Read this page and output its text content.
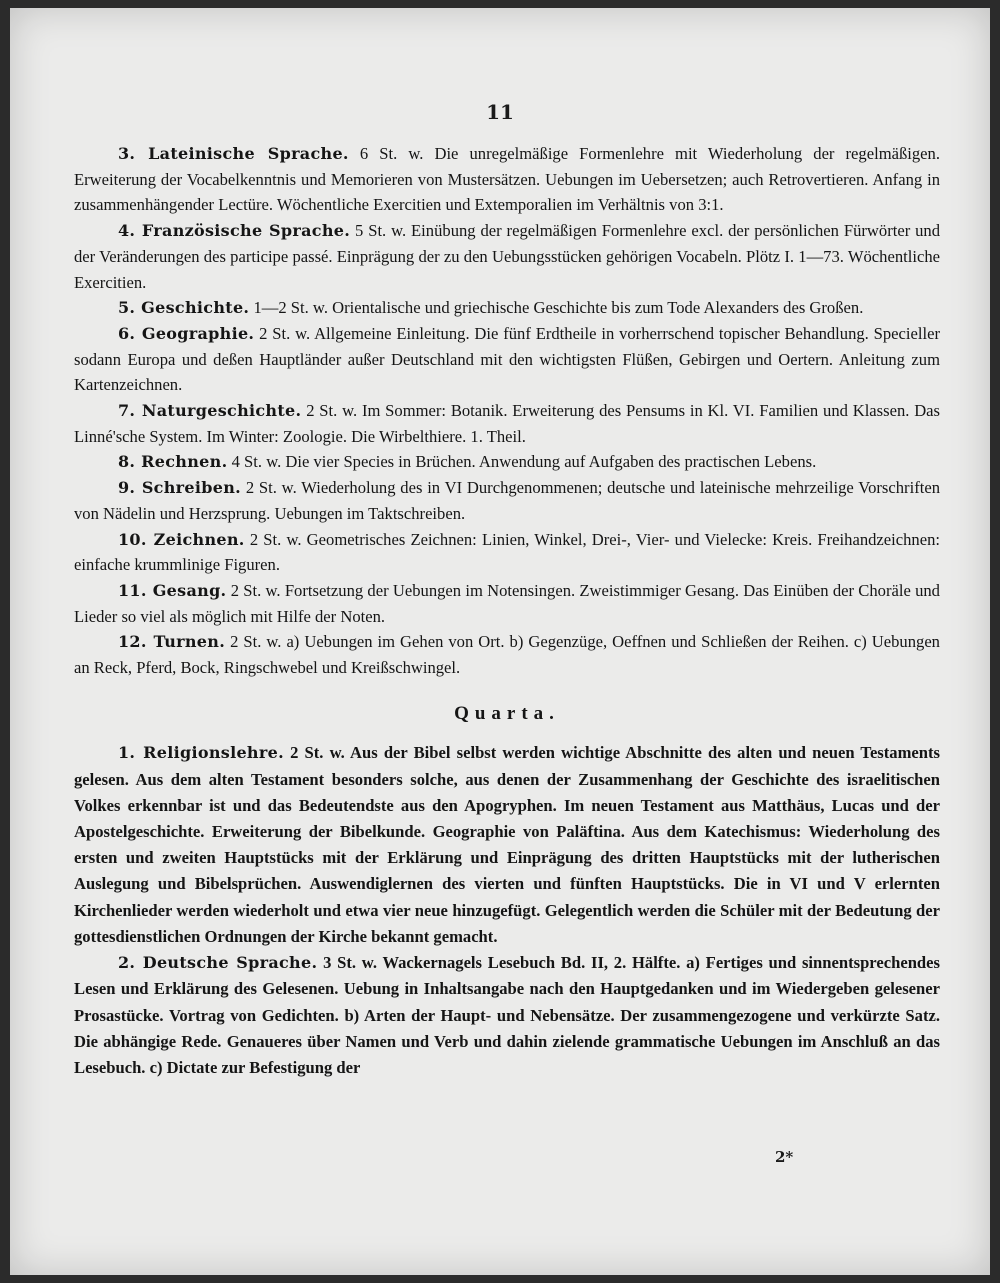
11

3. Lateinische Sprache. 6 St. w. Die unregelmäßige Formenlehre mit Wiederholung der regelmäßigen. Erweiterung der Vocabelkenntnis und Memorieren von Mustersätzen. Uebungen im Uebersetzen; auch Retrovertieren. Anfang in zusammenhängender Lectüre. Wöchentliche Exercitien und Extemporalien im Verhältnis von 3:1.

4. Französische Sprache. 5 St. w. Einübung der regelmäßigen Formenlehre excl. der persönlichen Fürwörter und der Veränderungen des participe passé. Einprägung der zu den Uebungsstücken gehörigen Vocabeln. Plötz I. 1—73. Wöchentliche Exercitien.

5. Geschichte. 1—2 St. w. Orientalische und griechische Geschichte bis zum Tode Alexanders des Großen.

6. Geographie. 2 St. w. Allgemeine Einleitung. Die fünf Erdtheile in vorherrschend topischer Behandlung. Specieller sodann Europa und deßen Hauptländer außer Deutschland mit den wichtigsten Flüßen, Gebirgen und Oertern. Anleitung zum Kartenzeichnen.

7. Naturgeschichte. 2 St. w. Im Sommer: Botanik. Erweiterung des Pensums in Kl. VI. Familien und Klassen. Das Linné'sche System. Im Winter: Zoologie. Die Wirbelthiere. 1. Theil.

8. Rechnen. 4 St. w. Die vier Species in Brüchen. Anwendung auf Aufgaben des practischen Lebens.

9. Schreiben. 2 St. w. Wiederholung des in VI Durchgenommenen; deutsche und lateinische mehrzeilige Vorschriften von Nädelin und Herzsprung. Uebungen im Taktschreiben.

10. Zeichnen. 2 St. w. Geometrisches Zeichnen: Linien, Winkel, Drei-, Vier- und Vielecke: Kreis. Freihandzeichnen: einfache krummlinige Figuren.

11. Gesang. 2 St. w. Fortsetzung der Uebungen im Notensingen. Zweistimmiger Gesang. Das Einüben der Choräle und Lieder so viel als möglich mit Hilfe der Noten.

12. Turnen. 2 St. w. a) Uebungen im Gehen von Ort. b) Gegenzüge, Oeffnen und Schließen der Reihen. c) Uebungen an Reck, Pferd, Bock, Ringschwebel und Kreißschwingel.

Quarta.

1. Religionslehre. 2 St. w. Aus der Bibel selbst werden wichtige Abschnitte des alten und neuen Testaments gelesen. Aus dem alten Testament besonders solche, aus denen der Zusammenhang der Geschichte des israelitischen Volkes erkennbar ist und das Bedeutendste aus den Apogryphen. Im neuen Testament aus Matthäus, Lucas und der Apostelgeschichte. Erweiterung der Bibelkunde. Geographie von Paläftina. Aus dem Katechismus: Wiederholung des ersten und zweiten Hauptstücks mit der Erklärung und Einprägung des dritten Hauptstücks mit der lutherischen Auslegung und Bibelsprüchen. Auswendiglernen des vierten und fünften Hauptstücks. Die in VI und V erlernten Kirchenlieder werden wiederholt und etwa vier neue hinzugefügt. Gelegentlich werden die Schüler mit der Bedeutung der gottesdienstlichen Ordnungen der Kirche bekannt gemacht.

2. Deutsche Sprache. 3 St. w. Wackernagels Lesebuch Bd. II, 2. Hälfte. a) Fertiges und sinnentsprechendes Lesen und Erklärung des Gelesenen. Uebung in Inhaltsangabe nach den Hauptgedanken und im Wiedergeben gelesener Prosastücke. Vortrag von Gedichten. b) Arten der Haupt- und Nebensätze. Der zusammengezogene und verkürzte Satz. Die abhängige Rede. Genaueres über Namen und Verb und dahin zielende grammatische Uebungen im Anschluß an das Lesebuch. c) Dictate zur Befestigung der

2*
